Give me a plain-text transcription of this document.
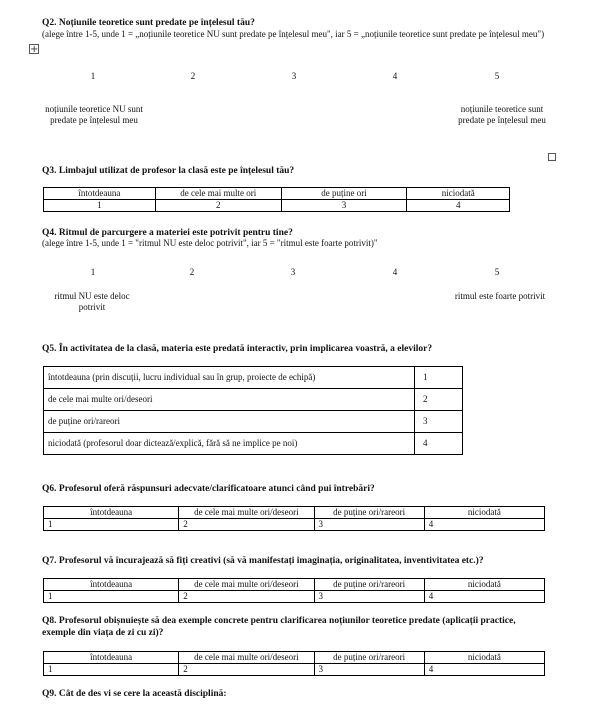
+
Q2. Noțiunile teoretice sunt predate pe înțelesul tău?
(alege între 1-5, unde 1 = „noțiunile teoretice NU sunt predate pe înțelesul meu", iar 5 = „noțiunile teoretice sunt predate pe înțelesul meu")
1	2	3	4	5
noțiunile teoretice NU sunt predate pe înțelesul meu
noțiunile teoretice sunt predate pe înțelesul meu
Q3. Limbajul utilizat de profesor la clasă este pe înțelesul tău?
întotdeauna	de cele mai multe ori	de puține ori	niciodată
1	2	3	4
Q4. Ritmul de parcurgere a materiei este potrivit pentru tine?
(alege între 1-5, unde 1 = "ritmul NU este deloc potrivit", iar 5 = "ritmul este foarte potrivit)"
1	2	3	4	5
ritmul NU este deloc potrivit
ritmul este foarte potrivit
Q5. În activitatea de la clasă, materia este predată interactiv, prin implicarea voastră, a elevilor?
întotdeauna (prin discuții, lucru individual sau în grup, proiecte de echipă)	1
de cele mai multe ori/deseori	2
de puține ori/rareori	3
niciodată (profesorul doar dictează/explică, fără să ne implice pe noi)	4
Q6. Profesorul oferă răspunsuri adecvate/clarificatoare atunci când pui întrebări?
întotdeauna	de cele mai multe ori/deseori	de puține ori/rareori	niciodată
1	2	3	4
Q7. Profesorul vă încurajează să fiți creativi (să vă manifestați imaginația, originalitatea, inventivitatea etc.)?
întotdeauna	de cele mai multe ori/deseori	de puține ori/rareori	niciodată
1	2	3	4
Q8. Profesorul obișnuiește să dea exemple concrete pentru clarificarea noțiunilor teoretice predate (aplicații practice,
exemple din viața de zi cu zi)?
întotdeauna	de cele mai multe ori/deseori	de puține ori/rareori	niciodată
1	2	3	4
Q9. Cât de des vi se cere la această disciplină:
